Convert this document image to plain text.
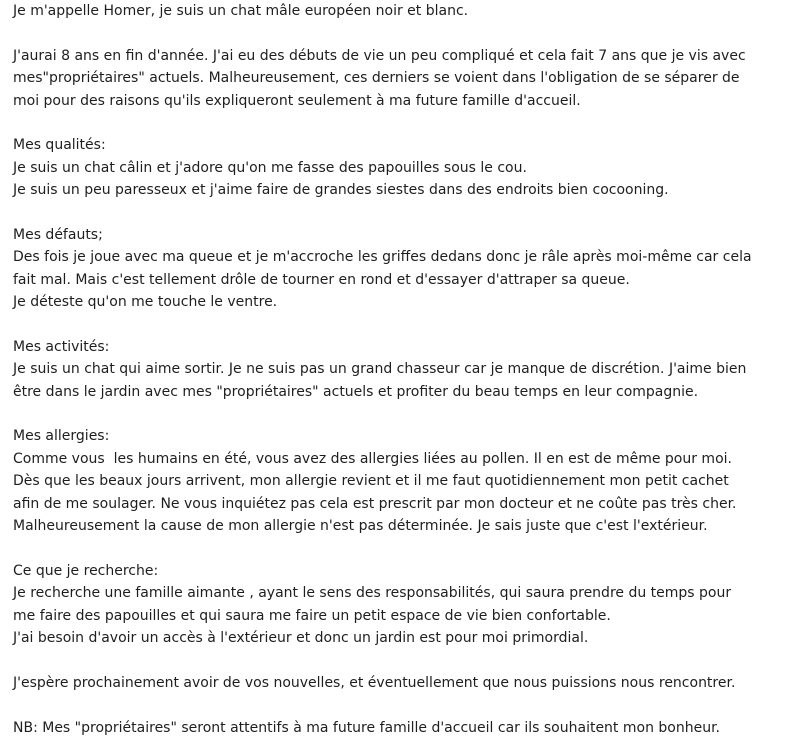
Je m'appelle Homer, je suis un chat mâle européen noir et blanc.
J'aurai 8 ans en fin d'année. J'ai eu des débuts de vie un peu compliqué et cela fait 7 ans que je vis avec
mes"propriétaires" actuels. Malheureusement, ces derniers se voient dans l'obligation de se séparer de
moi pour des raisons qu'ils expliqueront seulement à ma future famille d'accueil.
Mes qualités:
Je suis un chat câlin et j'adore qu'on me fasse des papouilles sous le cou.
Je suis un peu paresseux et j'aime faire de grandes siestes dans des endroits bien cocooning.
Mes défauts;
Des fois je joue avec ma queue et je m'accroche les griffes dedans donc je râle après moi-même car cela
fait mal. Mais c'est tellement drôle de tourner en rond et d'essayer d'attraper sa queue.
Je déteste qu'on me touche le ventre.
Mes activités:
Je suis un chat qui aime sortir. Je ne suis pas un grand chasseur car je manque de discrétion. J'aime bien
être dans le jardin avec mes "propriétaires" actuels et profiter du beau temps en leur compagnie.
Mes allergies:
Comme vous  les humains en été, vous avez des allergies liées au pollen. Il en est de même pour moi.
Dès que les beaux jours arrivent, mon allergie revient et il me faut quotidiennement mon petit cachet
afin de me soulager. Ne vous inquiétez pas cela est prescrit par mon docteur et ne coûte pas très cher.
Malheureusement la cause de mon allergie n'est pas déterminée. Je sais juste que c'est l'extérieur.
Ce que je recherche:
Je recherche une famille aimante , ayant le sens des responsabilités, qui saura prendre du temps pour
me faire des papouilles et qui saura me faire un petit espace de vie bien confortable.
J'ai besoin d'avoir un accès à l'extérieur et donc un jardin est pour moi primordial.
J'espère prochainement avoir de vos nouvelles, et éventuellement que nous puissions nous rencontrer.
NB: Mes "propriétaires" seront attentifs à ma future famille d'accueil car ils souhaitent mon bonheur.
